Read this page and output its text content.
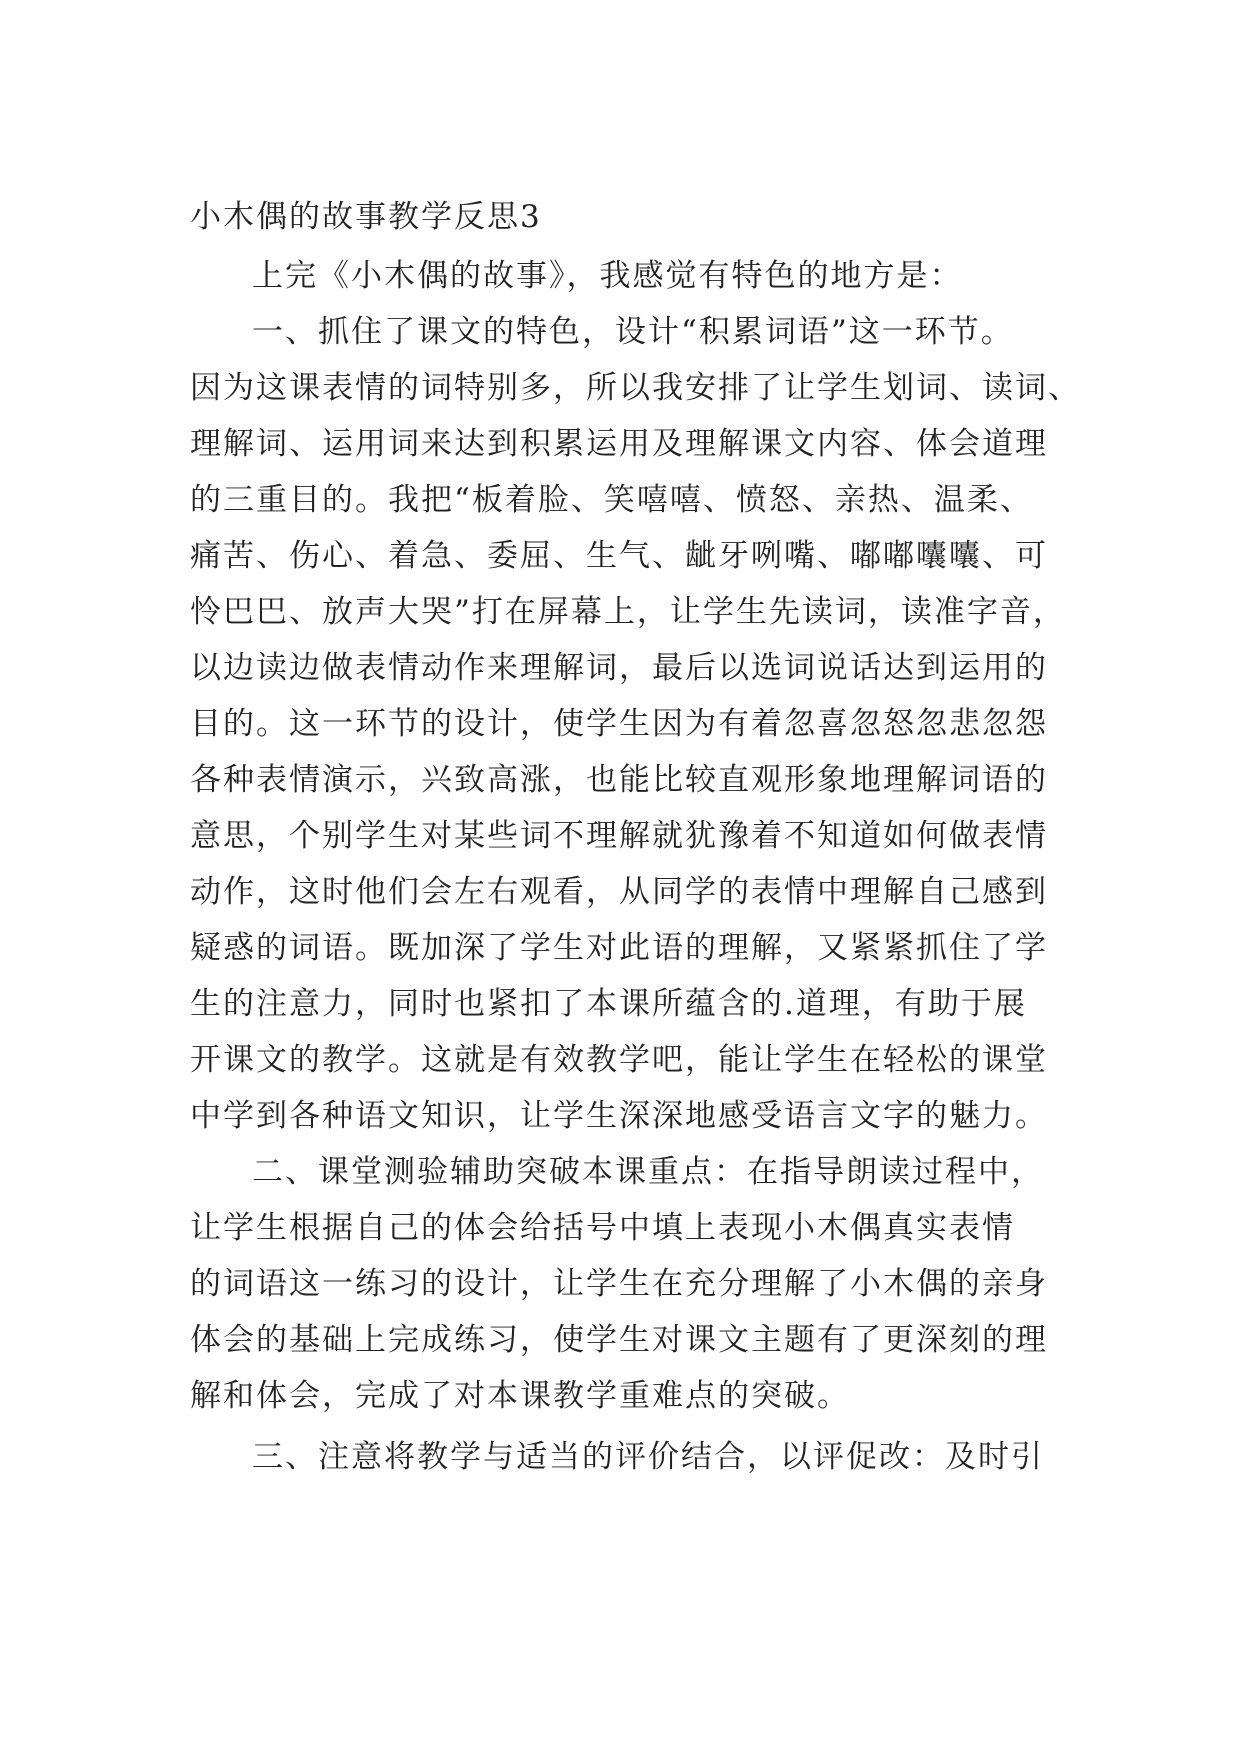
小木偶的故事教学反思3
上完《小木偶的故事》，我感觉有特色的地方是：
一、抓住了课文的特色，设计“积累词语”这一环节。
因为这课表情的词特别多，所以我安排了让学生划词、读词、
理解词、运用词来达到积累运用及理解课文内容、体会道理
的三重目的。我把“板着脸、笑嘻嘻、愤怒、亲热、温柔、
痛苦、伤心、着急、委屈、生气、龇牙咧嘴、嘟嘟囔囔、可
怜巴巴、放声大哭”打在屏幕上，让学生先读词，读准字音，
以边读边做表情动作来理解词，最后以选词说话达到运用的
目的。这一环节的设计，使学生因为有着忽喜忽怒忽悲忽怨
各种表情演示，兴致高涨，也能比较直观形象地理解词语的
意思，个别学生对某些词不理解就犹豫着不知道如何做表情
动作，这时他们会左右观看，从同学的表情中理解自己感到
疑惑的词语。既加深了学生对此语的理解，又紧紧抓住了学
生的注意力，同时也紧扣了本课所蕴含的.道理，有助于展
开课文的教学。这就是有效教学吧，能让学生在轻松的课堂
中学到各种语文知识，让学生深深地感受语言文字的魅力。
二、课堂测验辅助突破本课重点：在指导朗读过程中，
让学生根据自己的体会给括号中填上表现小木偶真实表情
的词语这一练习的设计，让学生在充分理解了小木偶的亲身
体会的基础上完成练习，使学生对课文主题有了更深刻的理
解和体会，完成了对本课教学重难点的突破。
三、注意将教学与适当的评价结合，以评促改：及时引
